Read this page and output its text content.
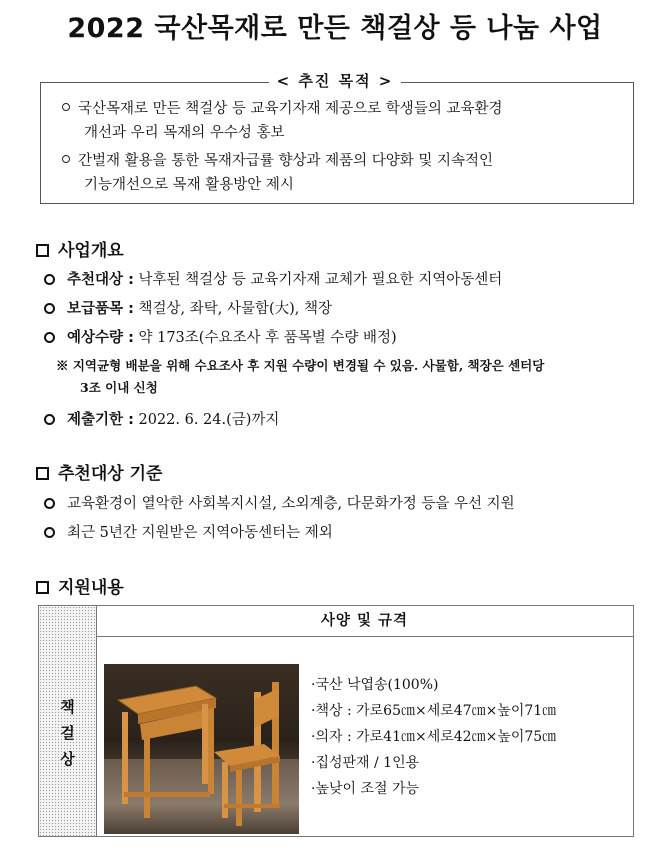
2022 국산목재로 만든 책걸상 등 나눔 사업
< 추진 목적 >
국산목재로 만든 책걸상 등 교육기자재 제공으로 학생들의 교육환경
개선과 우리 목재의 우수성 홍보
간벌재 활용을 통한 목재자급률 향상과 제품의 다양화 및 지속적인
기능개선으로 목재 활용방안 제시
사업개요
추천대상 : 낙후된 책걸상 등 교육기자재 교체가 필요한 지역아동센터
보급품목 : 책걸상, 좌탁, 사물함(大), 책장
예상수량 : 약 173조(수요조사 후 품목별 수량 배정)
※ 지역균형 배분을 위해 수요조사 후 지원 수량이 변경될 수 있음. 사물함, 책장은 센터당
3조 이내 신청
제출기한 : 2022. 6. 24.(금)까지
추천대상 기준
교육환경이 열악한 사회복지시설, 소외계층, 다문화가정 등을 우선 지원
최근 5년간 지원받은 지역아동센터는 제외
지원내용
책
걸
상
사양 및 규격
·국산 낙엽송(100%)
·책상 : 가로65㎝×세로47㎝×높이71㎝
·의자 : 가로41㎝×세로42㎝×높이75㎝
·집성판재 / 1인용
·높낮이 조절 가능
